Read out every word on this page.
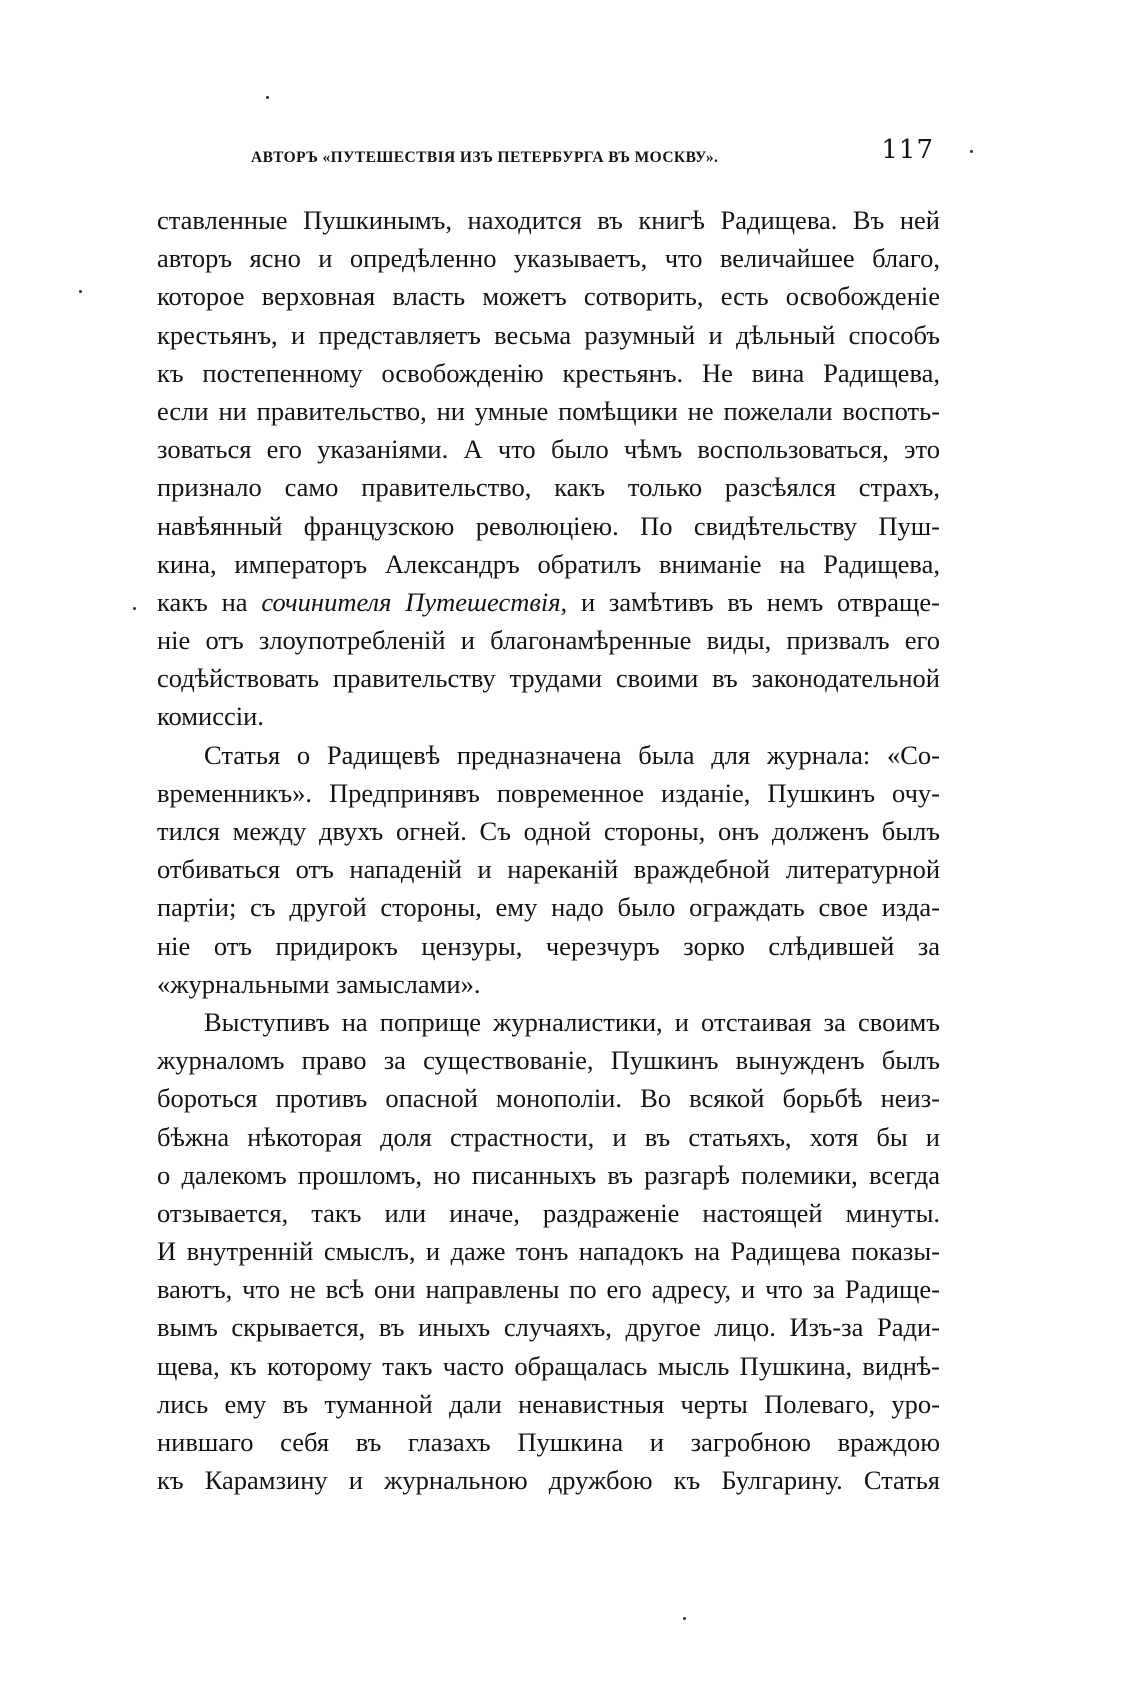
АВТОРЪ «ПУТЕШЕСТВІЯ ИЗЪ ПЕТЕРБУРГА ВЪ МОСКВУ».	117
ставленные Пушкинымъ, находится въ книгѣ Радищева. Въ ней
авторъ ясно и опредѣленно указываетъ, что величайшее благо,
которое верховная власть можетъ сотворить, есть освобожденіе
крестьянъ, и представляетъ весьма разумный и дѣльный способъ
къ постепенному освобожденію крестьянъ. Не вина Радищева,
если ни правительство, ни умные помѣщики не пожелали воспоть-
зоваться его указаніями. А что было чѣмъ воспользоваться, это
признало само правительство, какъ только разсѣялся страхъ,
навѣянный французскою революціею. По свидѣтельству Пуш-
кина, императоръ Александръ обратилъ вниманіе на Радищева,
какъ на сочинителя Путешествія, и замѣтивъ въ немъ отвраще-
ніе отъ злоупотребленій и благонамѣренные виды, призвалъ его
содѣйствовать правительству трудами своими въ законодательной
комиссіи.
Статья о Радищевѣ предназначена была для журнала: «Со-
временникъ». Предпринявъ повременное изданіе, Пушкинъ очу-
тился между двухъ огней. Съ одной стороны, онъ долженъ былъ
отбиваться отъ нападеній и нареканій враждебной литературной
партіи; съ другой стороны, ему надо было ограждать свое изда-
ніе отъ придирокъ цензуры, черезчуръ зорко слѣдившей за
«журнальными замыслами».
Выступивъ на поприще журналистики, и отстаивая за своимъ
журналомъ право за существованіе, Пушкинъ вынужденъ былъ
бороться противъ опасной монополіи. Во всякой борьбѣ неиз-
бѣжна нѣкоторая доля страстности, и въ статьяхъ, хотя бы и
о далекомъ прошломъ, но писанныхъ въ разгарѣ полемики, всегда
отзывается, такъ или иначе, раздраженіе настоящей минуты.
И внутренній смыслъ, и даже тонъ нападокъ на Радищева показы-
ваютъ, что не всѣ они направлены по его адресу, и что за Радище-
вымъ скрывается, въ иныхъ случаяхъ, другое лицо. Изъ-за Ради-
щева, къ которому такъ часто обращалась мысль Пушкина, виднѣ-
лись ему въ туманной дали ненавистныя черты Полеваго, уро-
нившаго себя въ глазахъ Пушкина и загробною враждою
къ Карамзину и журнальною дружбою къ Булгарину. Статья
